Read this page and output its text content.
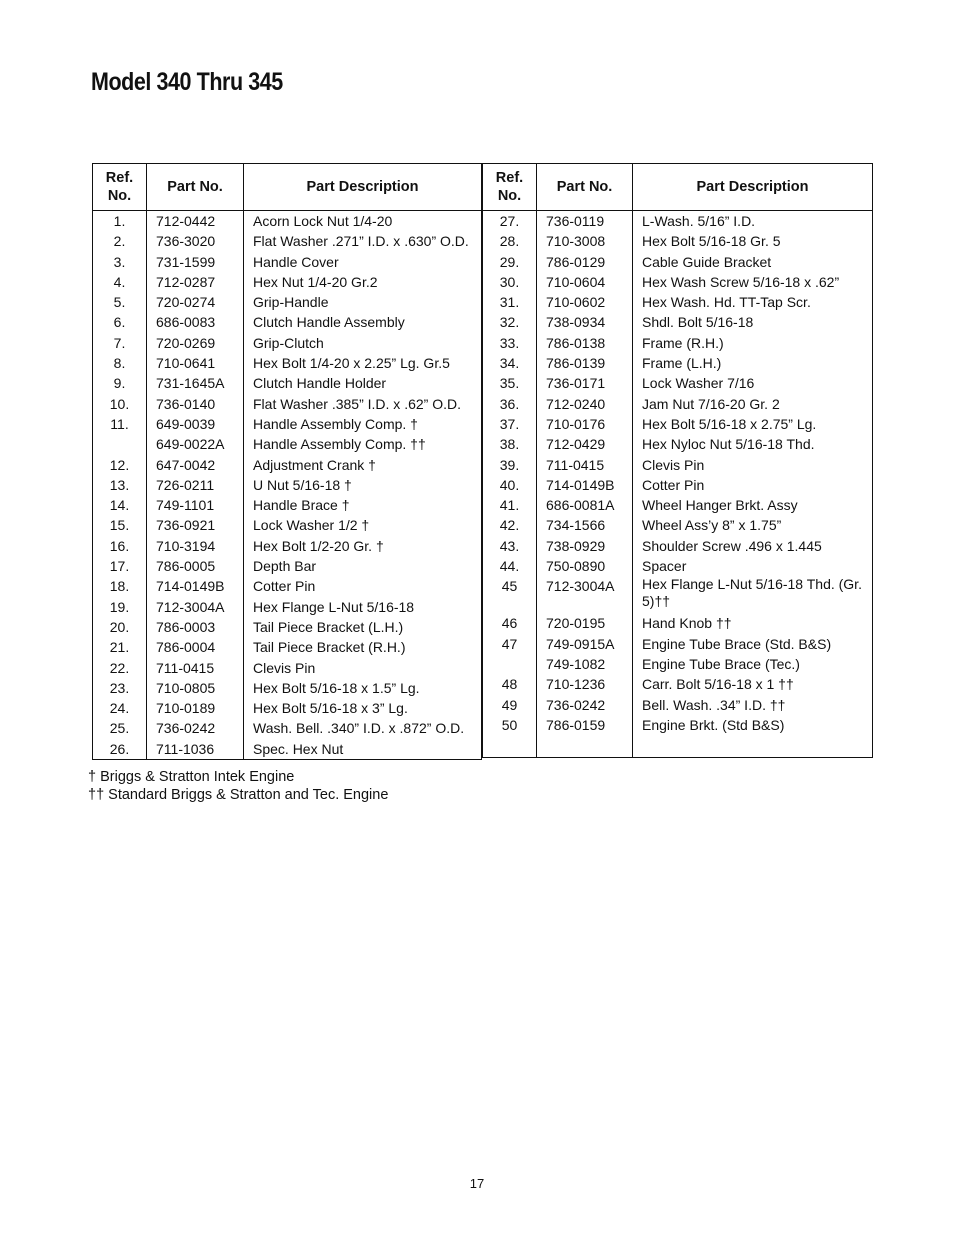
Model 340 Thru 345
Ref. No.	Part No.	Part Description
1.	712-0442	Acorn Lock Nut 1/4-20
2.	736-3020	Flat Washer .271” I.D. x .630” O.D.
3.	731-1599	Handle Cover
4.	712-0287	Hex Nut 1/4-20 Gr.2
5.	720-0274	Grip-Handle
6.	686-0083	Clutch Handle Assembly
7.	720-0269	Grip-Clutch
8.	710-0641	Hex Bolt 1/4-20 x 2.25” Lg. Gr.5
9.	731-1645A	Clutch Handle Holder
10.	736-0140	Flat Washer .385” I.D. x .62” O.D.
11.	649-0039	Handle Assembly Comp. †
	649-0022A	Handle Assembly Comp. ††
12.	647-0042	Adjustment Crank †
13.	726-0211	U Nut 5/16-18 †
14.	749-1101	Handle Brace †
15.	736-0921	Lock Washer 1/2 †
16.	710-3194	Hex Bolt 1/2-20 Gr. †
17.	786-0005	Depth Bar
18.	714-0149B	Cotter Pin
19.	712-3004A	Hex Flange L-Nut 5/16-18
20.	786-0003	Tail Piece Bracket (L.H.)
21.	786-0004	Tail Piece Bracket (R.H.)
22.	711-0415	Clevis Pin
23.	710-0805	Hex Bolt 5/16-18 x 1.5” Lg.
24.	710-0189	Hex Bolt 5/16-18 x 3” Lg.
25.	736-0242	Wash. Bell. .340” I.D. x .872” O.D.
26.	711-1036	Spec. Hex Nut
Ref. No.	Part No.	Part Description
27.	736-0119	L-Wash. 5/16” I.D.
28.	710-3008	Hex Bolt 5/16-18 Gr. 5
29.	786-0129	Cable Guide Bracket
30.	710-0604	Hex Wash Screw 5/16-18 x .62”
31.	710-0602	Hex Wash. Hd. TT-Tap Scr.
32.	738-0934	Shdl. Bolt 5/16-18
33.	786-0138	Frame (R.H.)
34.	786-0139	Frame (L.H.)
35.	736-0171	Lock Washer 7/16
36.	712-0240	Jam Nut 7/16-20 Gr. 2
37.	710-0176	Hex Bolt 5/16-18 x 2.75” Lg.
38.	712-0429	Hex Nyloc Nut 5/16-18 Thd.
39.	711-0415	Clevis Pin
40.	714-0149B	Cotter Pin
41.	686-0081A	Wheel Hanger Brkt. Assy
42.	734-1566	Wheel Ass’y 8” x 1.75”
43.	738-0929	Shoulder Screw .496 x 1.445
44.	750-0890	Spacer
45	712-3004A	Hex Flange L-Nut 5/16-18 Thd. (Gr. 5)††
46	720-0195	Hand Knob ††
47	749-0915A	Engine Tube Brace (Std. B&S)
	749-1082	Engine Tube Brace (Tec.)
48	710-1236	Carr. Bolt 5/16-18 x 1 ††
49	736-0242	Bell. Wash. .34” I.D. ††
50	786-0159	Engine Brkt. (Std B&S)

† Briggs & Stratton Intek Engine
†† Standard Briggs & Stratton and Tec. Engine
17
